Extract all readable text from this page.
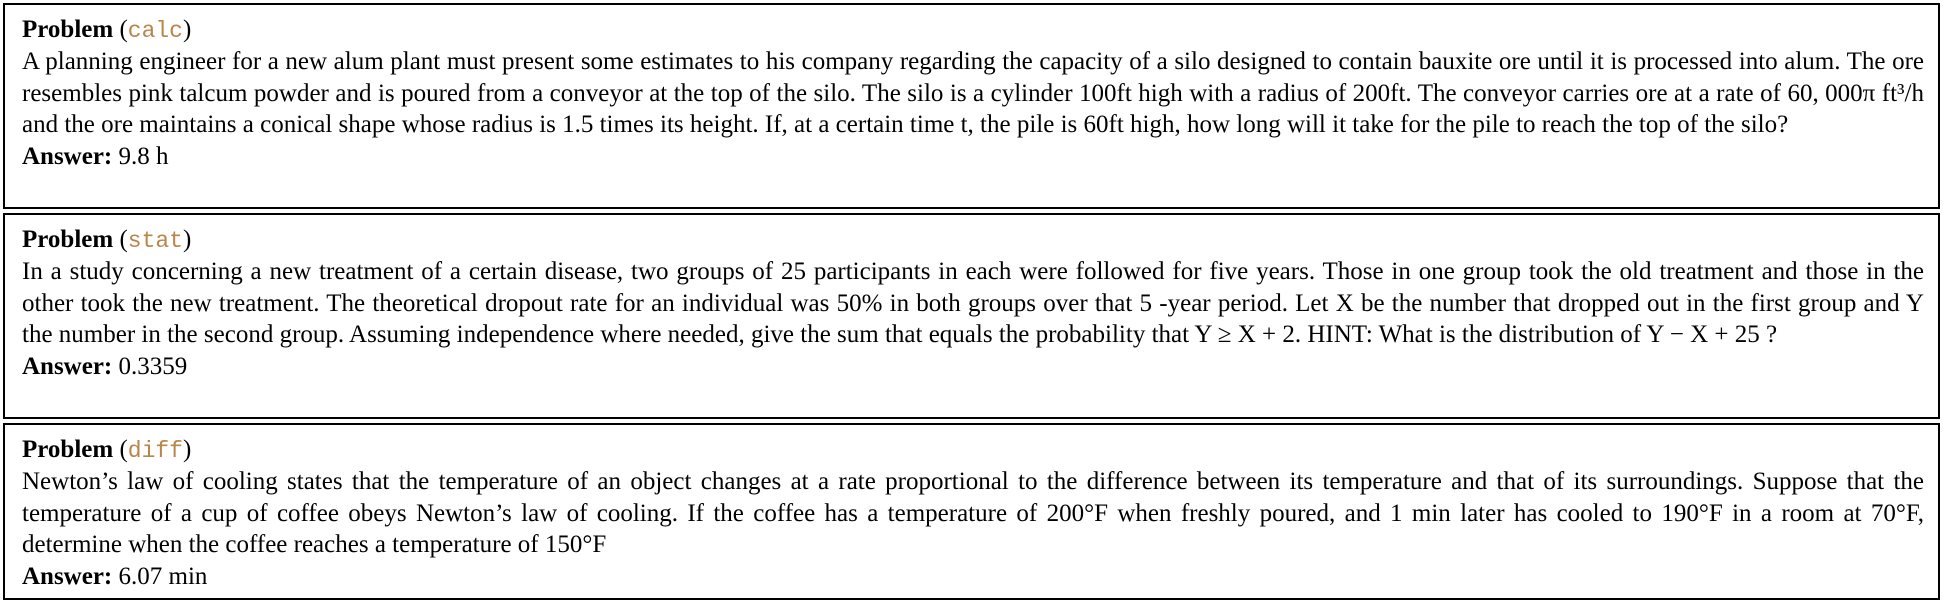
Problem (calc)
A planning engineer for a new alum plant must present some estimates to his company regarding the capacity of a silo designed to contain bauxite ore until it is processed into alum. The ore resembles pink talcum powder and is poured from a conveyor at the top of the silo. The silo is a cylinder 100ft high with a radius of 200ft. The conveyor carries ore at a rate of 60, 000π ft³/h and the ore maintains a conical shape whose radius is 1.5 times its height. If, at a certain time t, the pile is 60ft high, how long will it take for the pile to reach the top of the silo?
Answer: 9.8 h
Problem (stat)
In a study concerning a new treatment of a certain disease, two groups of 25 participants in each were followed for five years. Those in one group took the old treatment and those in the other took the new treatment. The theoretical dropout rate for an individual was 50% in both groups over that 5 -year period. Let X be the number that dropped out in the first group and Y the number in the second group. Assuming independence where needed, give the sum that equals the probability that Y ≥ X + 2. HINT: What is the distribution of Y − X + 25 ?
Answer: 0.3359
Problem (diff)
Newton’s law of cooling states that the temperature of an object changes at a rate proportional to the difference between its temperature and that of its surroundings. Suppose that the temperature of a cup of coffee obeys Newton’s law of cooling. If the coffee has a temperature of 200°F when freshly poured, and 1 min later has cooled to 190°F in a room at 70°F, determine when the coffee reaches a temperature of 150°F
Answer: 6.07 min
